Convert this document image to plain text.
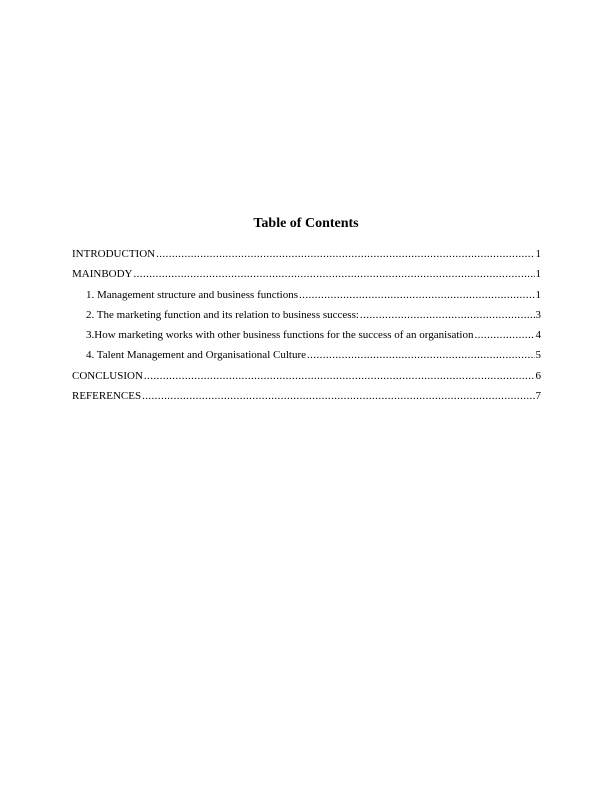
Table of Contents
INTRODUCTION .....	1
MAINBODY .....	1
1. Management structure and business functions .....	1
2. The marketing function and its relation to business success: .....	3
3.How marketing works with other business functions for the success of an organisation .....	4
4. Talent Management and Organisational Culture .....	5
CONCLUSION .....	6
REFERENCES .....	7
